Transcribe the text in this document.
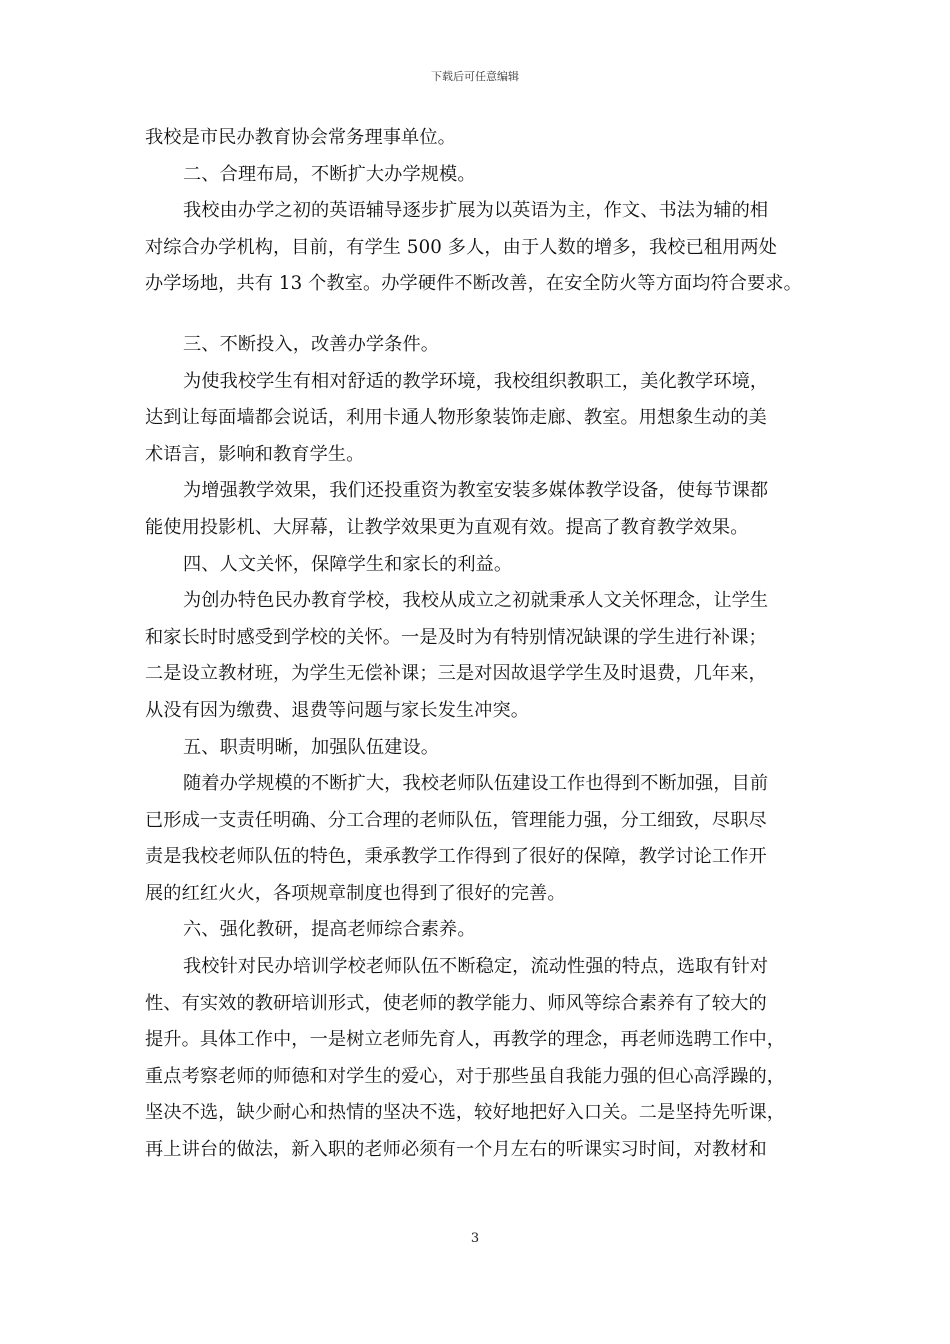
下载后可任意编辑
我校是市民办教育协会常务理事单位。
二、合理布局，不断扩大办学规模。
我校由办学之初的英语辅导逐步扩展为以英语为主，作文、书法为辅的相
对综合办学机构，目前，有学生 500 多人，由于人数的增多，我校已租用两处
办学场地，共有 13 个教室。办学硬件不断改善，在安全防火等方面均符合要求。
三、不断投入，改善办学条件。
为使我校学生有相对舒适的教学环境，我校组织教职工，美化教学环境，
达到让每面墙都会说话，利用卡通人物形象装饰走廊、教室。用想象生动的美
术语言，影响和教育学生。
为增强教学效果，我们还投重资为教室安装多媒体教学设备，使每节课都
能使用投影机、大屏幕，让教学效果更为直观有效。提高了教育教学效果。
四、人文关怀，保障学生和家长的利益。
为创办特色民办教育学校，我校从成立之初就秉承人文关怀理念，让学生
和家长时时感受到学校的关怀。一是及时为有特别情况缺课的学生进行补课；
二是设立教材班，为学生无偿补课；三是对因故退学学生及时退费，几年来，
从没有因为缴费、退费等问题与家长发生冲突。
五、职责明晰，加强队伍建设。
随着办学规模的不断扩大，我校老师队伍建设工作也得到不断加强，目前
已形成一支责任明确、分工合理的老师队伍，管理能力强，分工细致，尽职尽
责是我校老师队伍的特色，秉承教学工作得到了很好的保障，教学讨论工作开
展的红红火火，各项规章制度也得到了很好的完善。
六、强化教研，提高老师综合素养。
我校针对民办培训学校老师队伍不断稳定，流动性强的特点，选取有针对
性、有实效的教研培训形式，使老师的教学能力、师风等综合素养有了较大的
提升。具体工作中，一是树立老师先育人，再教学的理念，再老师选聘工作中，
重点考察老师的师德和对学生的爱心，对于那些虽自我能力强的但心高浮躁的，
坚决不选，缺少耐心和热情的坚决不选，较好地把好入口关。二是坚持先听课，
再上讲台的做法，新入职的老师必须有一个月左右的听课实习时间，对教材和
3
